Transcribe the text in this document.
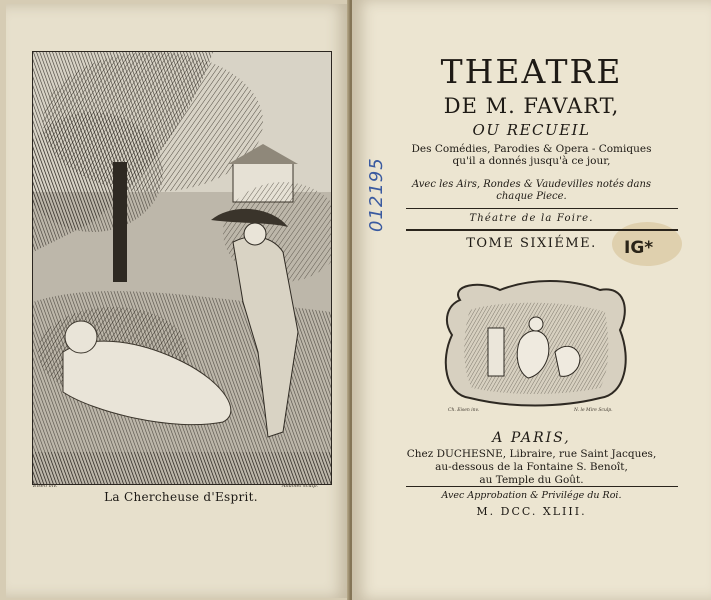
Eisen inv.	Aliamet sculp.
La Chercheuse d'Esprit.
THEATRE
DE M. FAVART,
OU RECUEIL
Des Comédies, Parodies & Opera - Comiques
qu'il a donnés jusqu'à ce jour,
Avec les Airs, Rondes & Vaudevilles notés dans
chaque Piece.
Théatre de la Foire.
TOME SIXIÉME.	IG*
012195
Ch. Eisen inv.	N. le Mire Sculp.
A PARIS,
Chez DUCHESNE, Libraire, rue Saint Jacques,
au-dessous de la Fontaine S. Benoît,
au Temple du Goût.
Avec Approbation & Privilége du Roi.
M. DCC. XLIII.
